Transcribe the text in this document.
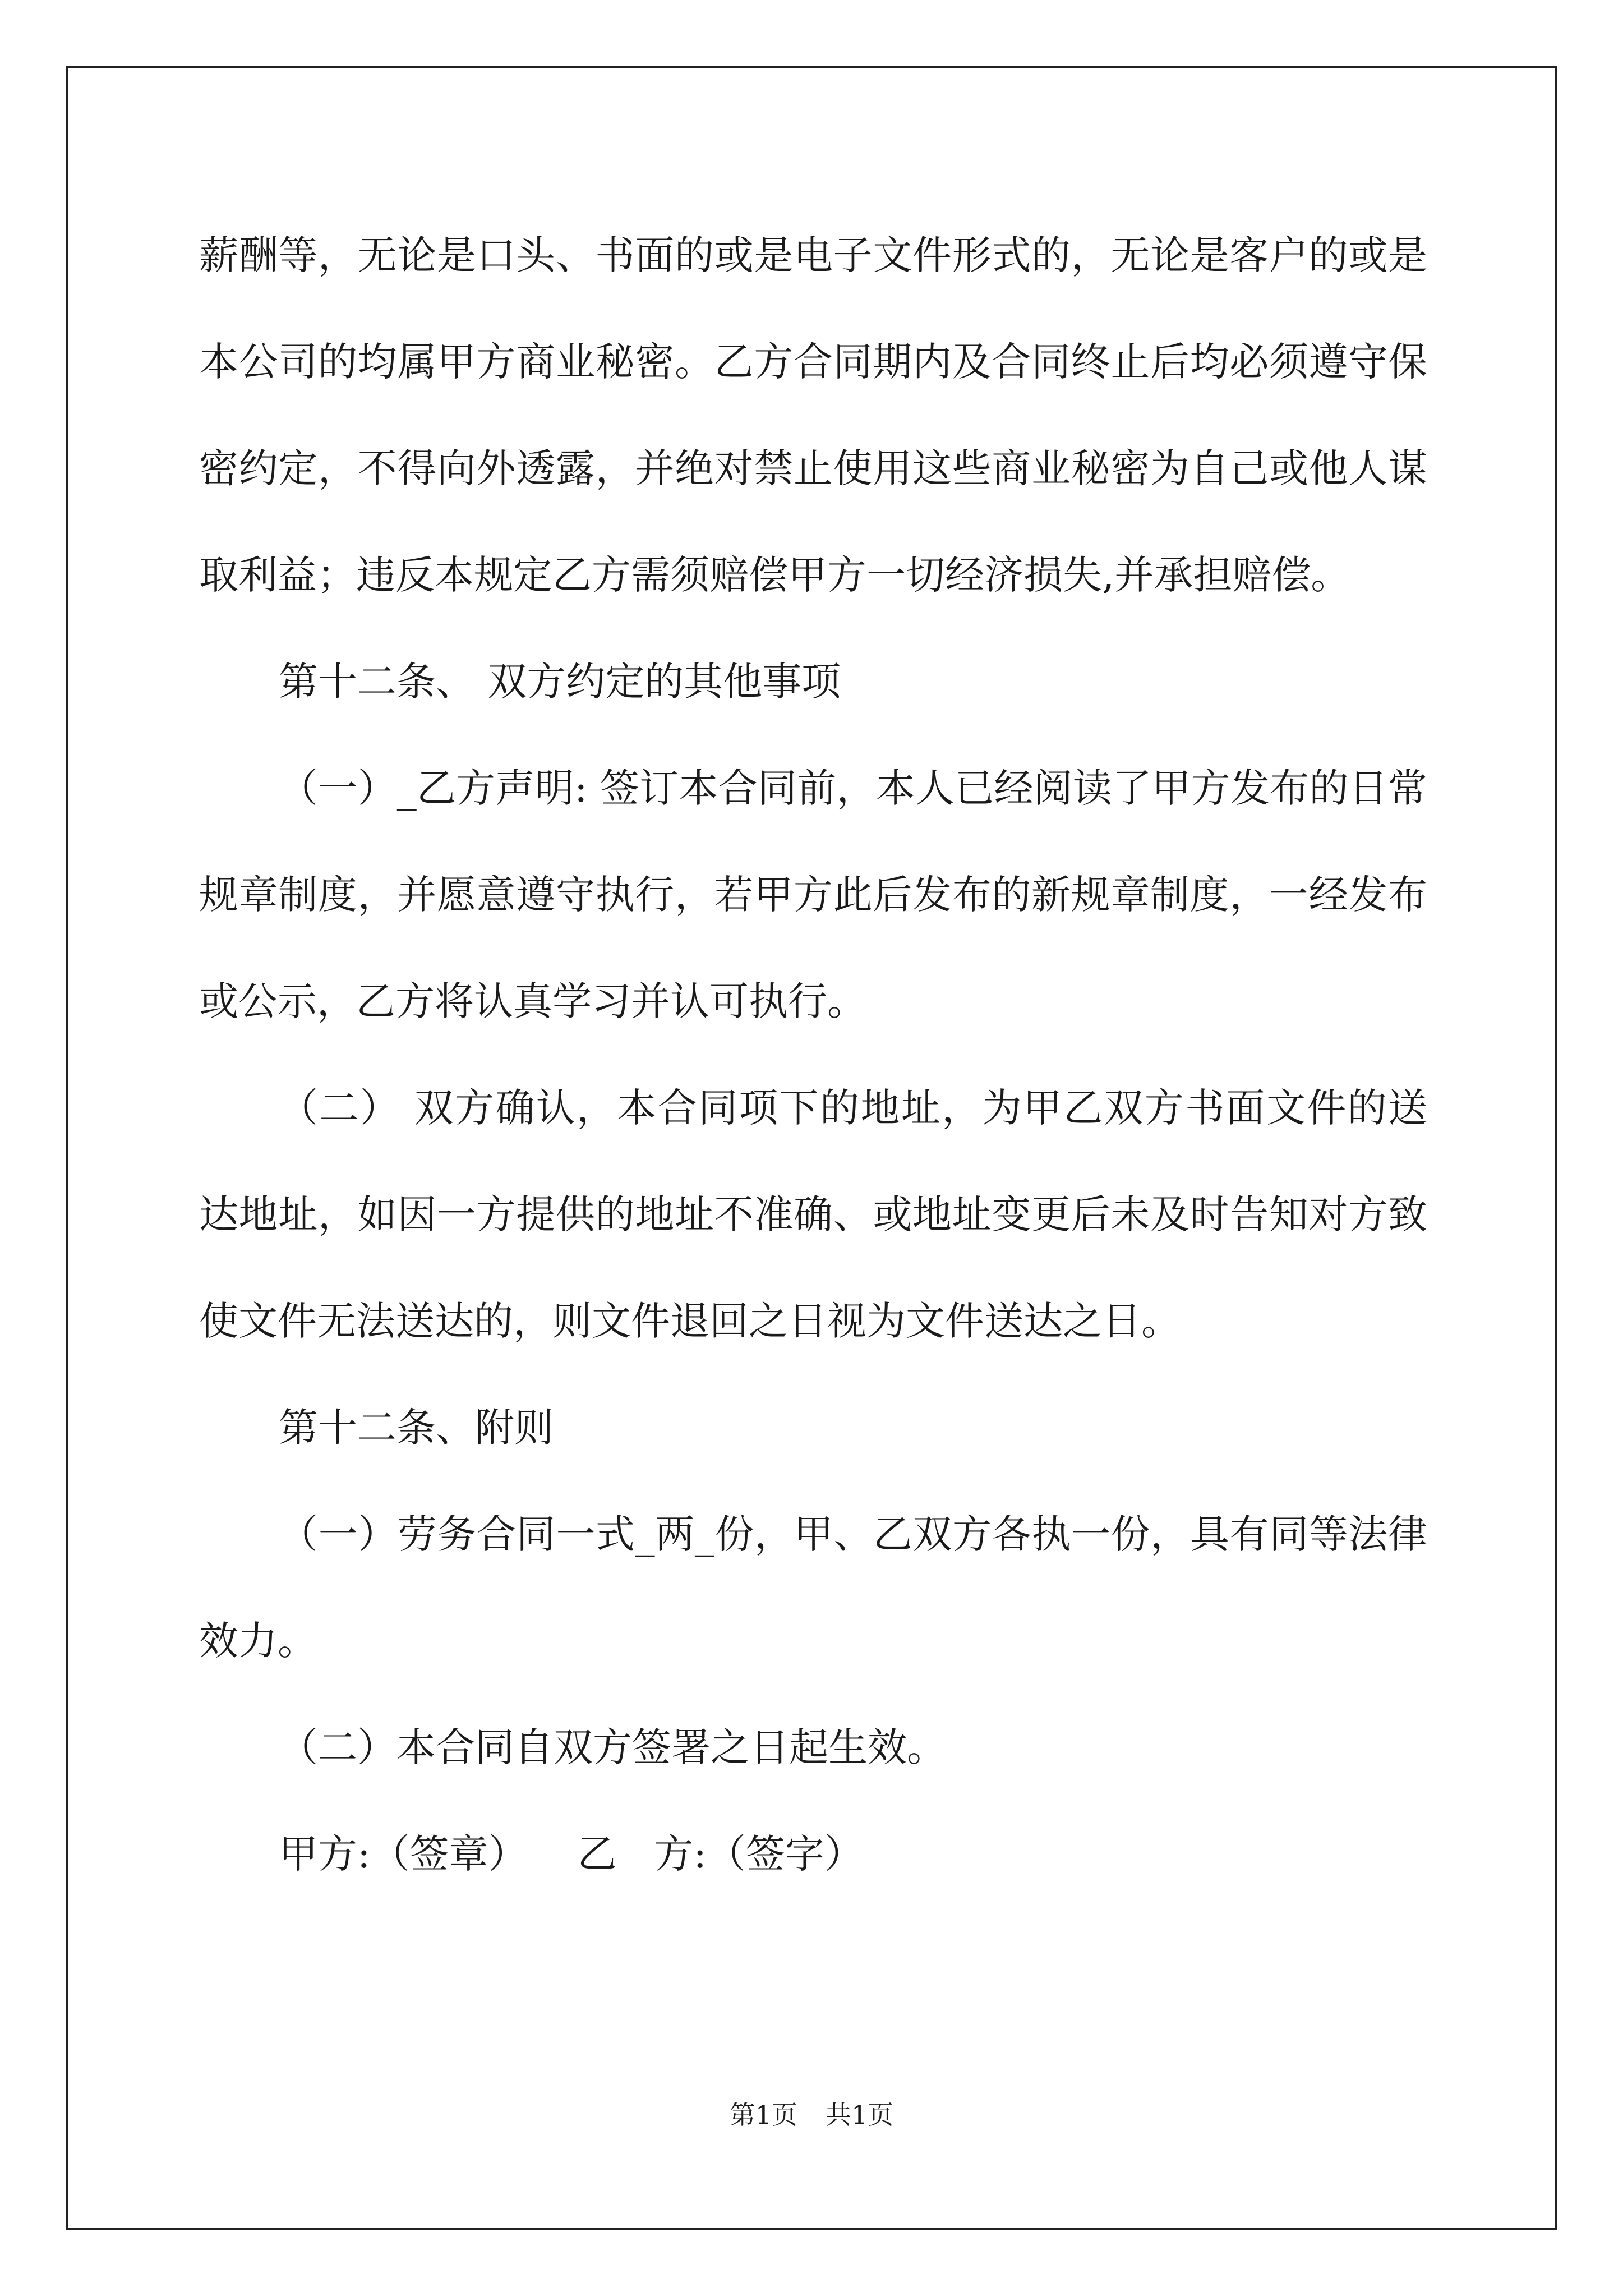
薪酬等，无论是口头、书面的或是电子文件形式的，无论是客户的或是本公司的均属甲方商业秘密。乙方合同期内及合同终止后均必须遵守保密约定，不得向外透露，并绝对禁止使用这些商业秘密为自己或他人谋取利益；违反本规定乙方需须赔偿甲方一切经济损失,并承担赔偿。

第十二条、 双方约定的其他事项

（一）_乙方声明: 签订本合同前，本人已经阅读了甲方发布的日常规章制度，并愿意遵守执行，若甲方此后发布的新规章制度，一经发布或公示，乙方将认真学习并认可执行。

（二） 双方确认，本合同项下的地址，为甲乙双方书面文件的送达地址，如因一方提供的地址不准确、或地址变更后未及时告知对方致使文件无法送达的，则文件退回之日视为文件送达之日。

第十二条、附则

（一）劳务合同一式_两_份，甲、乙双方各执一份，具有同等法律效力。

（二）本合同自双方签署之日起生效。

甲方:（签章）    乙   方:（签字）

第1页 共1页
